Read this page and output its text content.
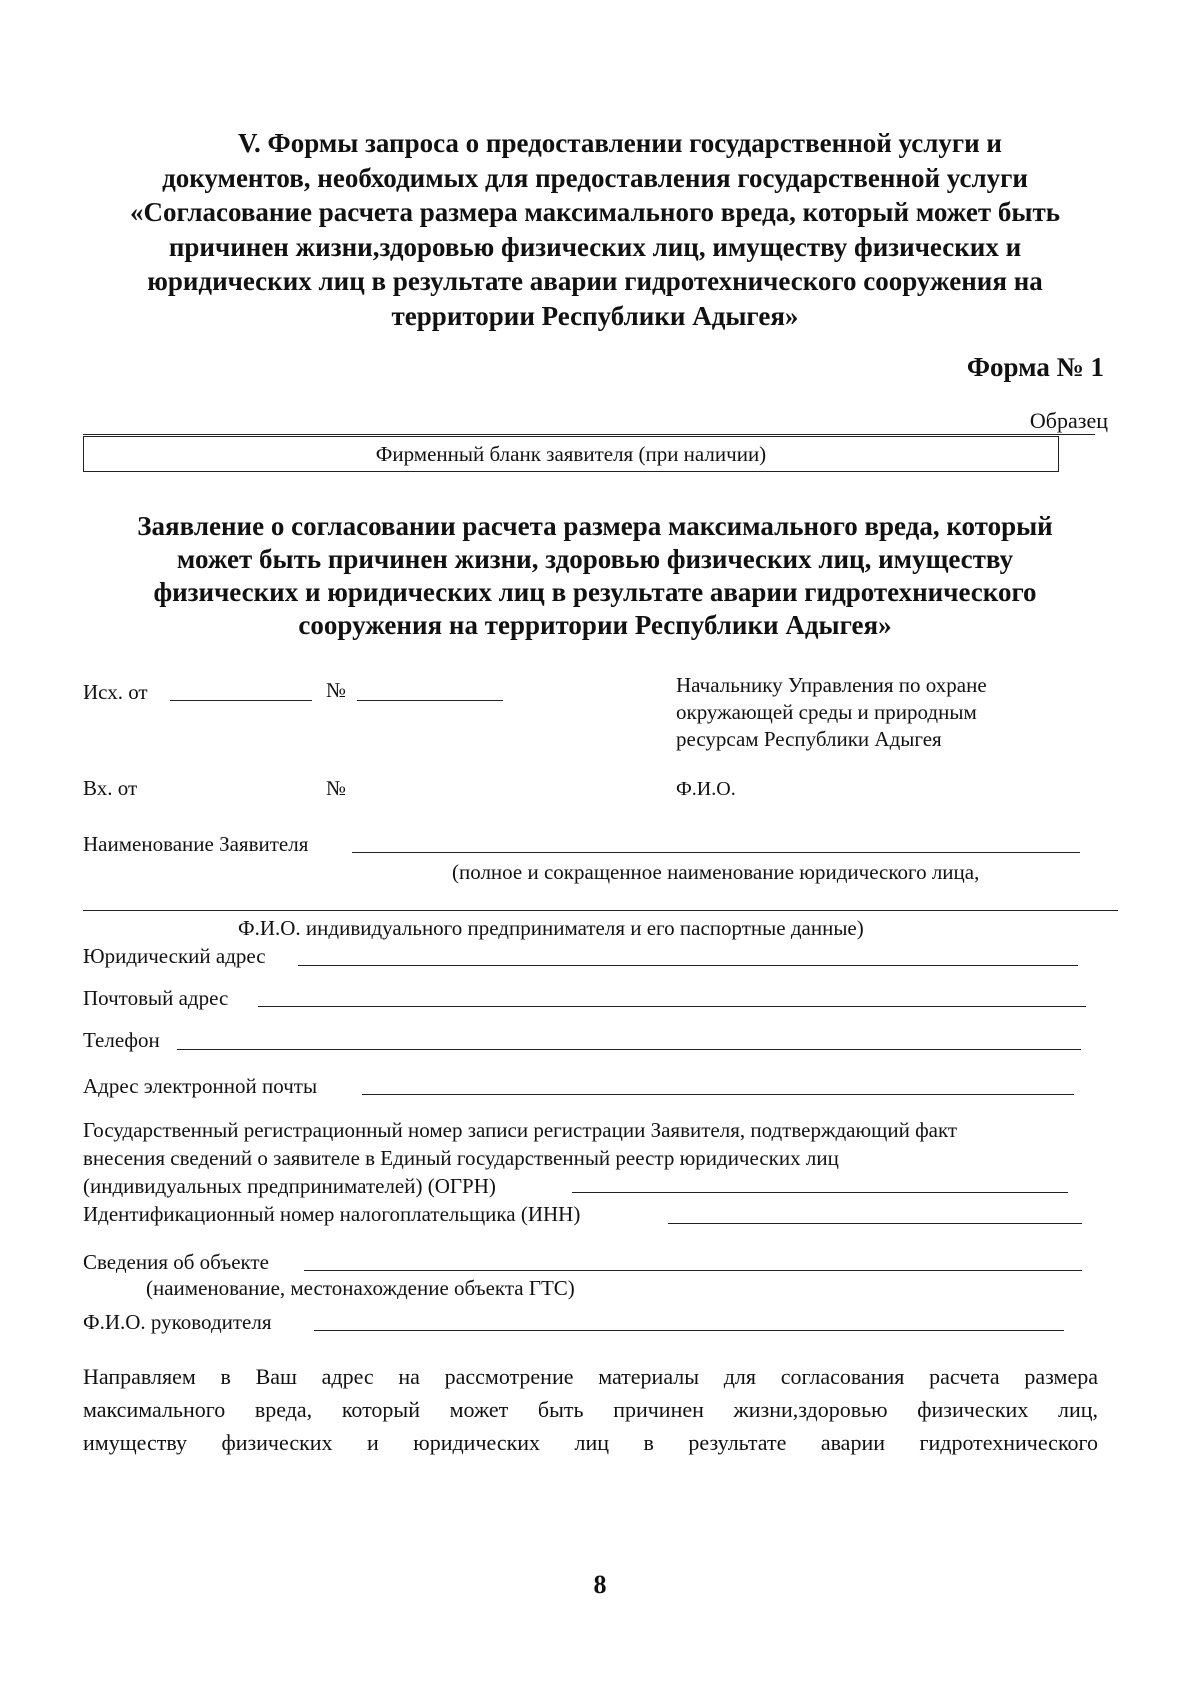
V. Формы запроса о предоставлении государственной услуги и
документов, необходимых для предоставления государственной услуги
«Согласование расчета размера максимального вреда, который может быть
причинен жизни,здоровью физических лиц, имуществу физических и
юридических лиц в результате аварии гидротехнического сооружения на
территории Республики Адыгея»
Форма № 1
Образец
Фирменный бланк заявителя (при наличии)
Заявление о согласовании расчета размера максимального вреда, который
может быть причинен жизни, здоровью физических лиц, имуществу
физических и юридических лиц в результате аварии гидротехнического
сооружения на территории Республики Адыгея»
Исх. от	№
Вх. от	№
Начальнику Управления по охране
окружающей среды и природным
ресурсам Республики Адыгея
Ф.И.О.
Наименование Заявителя
(полное и сокращенное наименование юридического лица,
Ф.И.О. индивидуального предпринимателя и его паспортные данные)
Юридический адрес
Почтовый адрес
Телефон
Адрес электронной почты
Государственный регистрационный номер записи регистрации Заявителя, подтверждающий факт
внесения сведений о заявителе в Единый государственный реестр юридических лиц
(индивидуальных предпринимателей) (ОГРН)
Идентификационный номер налогоплательщика (ИНН)
Сведения об объекте
(наименование, местонахождение объекта ГТС)
Ф.И.О. руководителя
Направляем в Ваш адрес на рассмотрение материалы для согласования расчета размера
максимального вреда, который может быть причинен жизни,здоровью физических лиц,
имуществу физических и юридических лиц в результате аварии гидротехнического
8
